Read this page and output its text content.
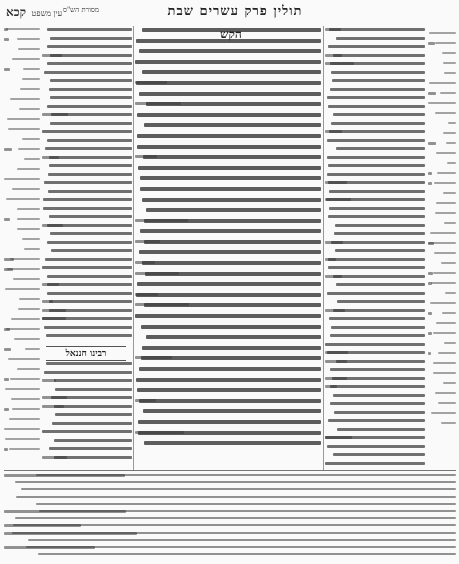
תולין פרק עשרים שבת
עין משפט קכא	מסורת הש"ס
הקש
רבינו חננאל
